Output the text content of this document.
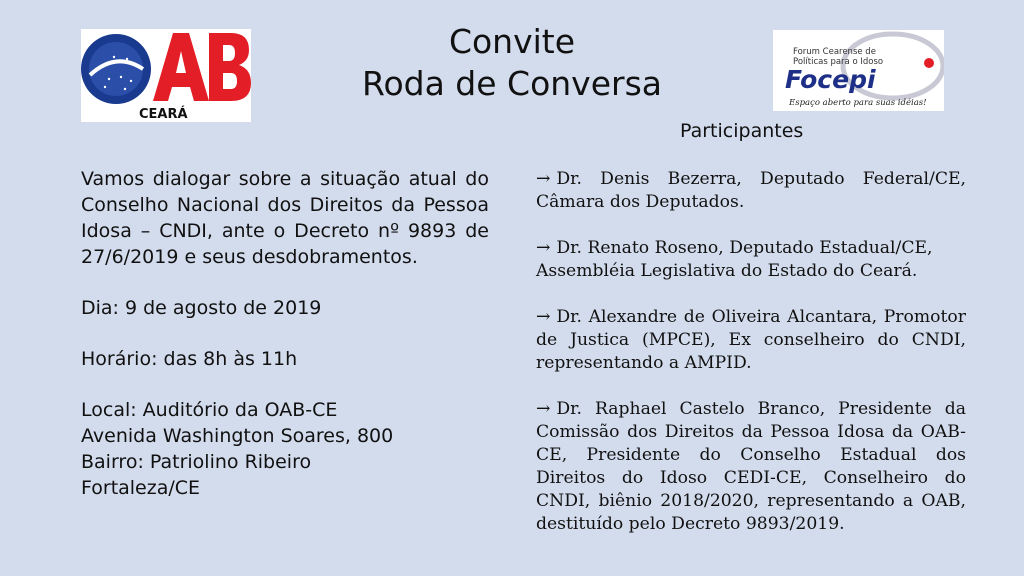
Convite
Roda de Conversa
CEARÁ
Forum Cearense de
Políticas para o Idoso
Focepi
Espaço aberto para suas idéias!
Participantes
Vamos dialogar sobre a situação atual do Conselho Nacional dos Direitos da Pessoa Idosa – CNDI, ante o Decreto nº 9893 de 27/6/2019 e seus desdobramentos.
Dia: 9 de agosto de 2019
Horário: das 8h às 11h
Local: Auditório da OAB-CE
Avenida Washington Soares, 800
Bairro: Patriolino Ribeiro
Fortaleza/CE
→ Dr. Denis Bezerra, Deputado Federal/CE, Câmara dos Deputados.
→ Dr. Renato Roseno, Deputado Estadual/CE,
Assembléia Legislativa do Estado do Ceará.
→ Dr. Alexandre de Oliveira Alcantara, Promotor de Justica (MPCE), Ex conselheiro do CNDI, representando a AMPID.
→ Dr. Raphael Castelo Branco, Presidente da Comissão dos Direitos da Pessoa Idosa da OAB-CE, Presidente do Conselho Estadual dos Direitos do Idoso CEDI-CE, Conselheiro do CNDI, biênio 2018/2020, representando a OAB, destituído pelo Decreto 9893/2019.
